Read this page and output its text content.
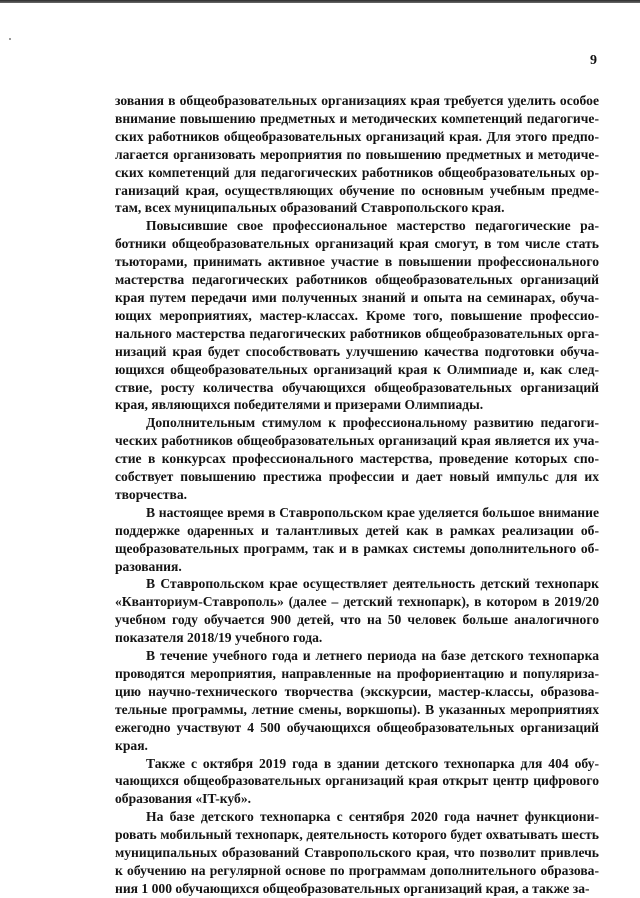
9

зования в общеобразовательных организациях края требуется уделить особое внимание повышению предметных и методических компетенций педагогических работников общеобразовательных организаций края. Для этого предполагается организовать мероприятия по повышению предметных и методических компетенций для педагогических работников общеобразовательных организаций края, осуществляющих обучение по основным учебным предметам, всех муниципальных образований Ставропольского края.

Повысившие свое профессиональное мастерство педагогические работники общеобразовательных организаций края смогут, в том числе стать тьюторами, принимать активное участие в повышении профессионального мастерства педагогических работников общеобразовательных организаций края путем передачи ими полученных знаний и опыта на семинарах, обучающих мероприятиях, мастер-классах. Кроме того, повышение профессионального мастерства педагогических работников общеобразовательных организаций края будет способствовать улучшению качества подготовки обучающихся общеобразовательных организаций края к Олимпиаде и, как следствие, росту количества обучающихся общеобразовательных организаций края, являющихся победителями и призерами Олимпиады.

Дополнительным стимулом к профессиональному развитию педагогических работников общеобразовательных организаций края является их участие в конкурсах профессионального мастерства, проведение которых способствует повышению престижа профессии и дает новый импульс для их творчества.

В настоящее время в Ставропольском крае уделяется большое внимание поддержке одаренных и талантливых детей как в рамках реализации общеобразовательных программ, так и в рамках системы дополнительного образования.

В Ставропольском крае осуществляет деятельность детский технопарк «Кванториум-Ставрополь» (далее – детский технопарк), в котором в 2019/20 учебном году обучается 900 детей, что на 50 человек больше аналогичного показателя 2018/19 учебного года.

В течение учебного года и летнего периода на базе детского технопарка проводятся мероприятия, направленные на профориентацию и популяризацию научно-технического творчества (экскурсии, мастер-классы, образовательные программы, летние смены, воркшопы). В указанных мероприятиях ежегодно участвуют 4 500 обучающихся общеобразовательных организаций края.

Также с октября 2019 года в здании детского технопарка для 404 обучающихся общеобразовательных организаций края открыт центр цифрового образования «IT-куб».

На базе детского технопарка с сентября 2020 года начнет функционировать мобильный технопарк, деятельность которого будет охватывать шесть муниципальных образований Ставропольского края, что позволит привлечь к обучению на регулярной основе по программам дополнительного образования 1 000 обучающихся общеобразовательных организаций края, а также за-
